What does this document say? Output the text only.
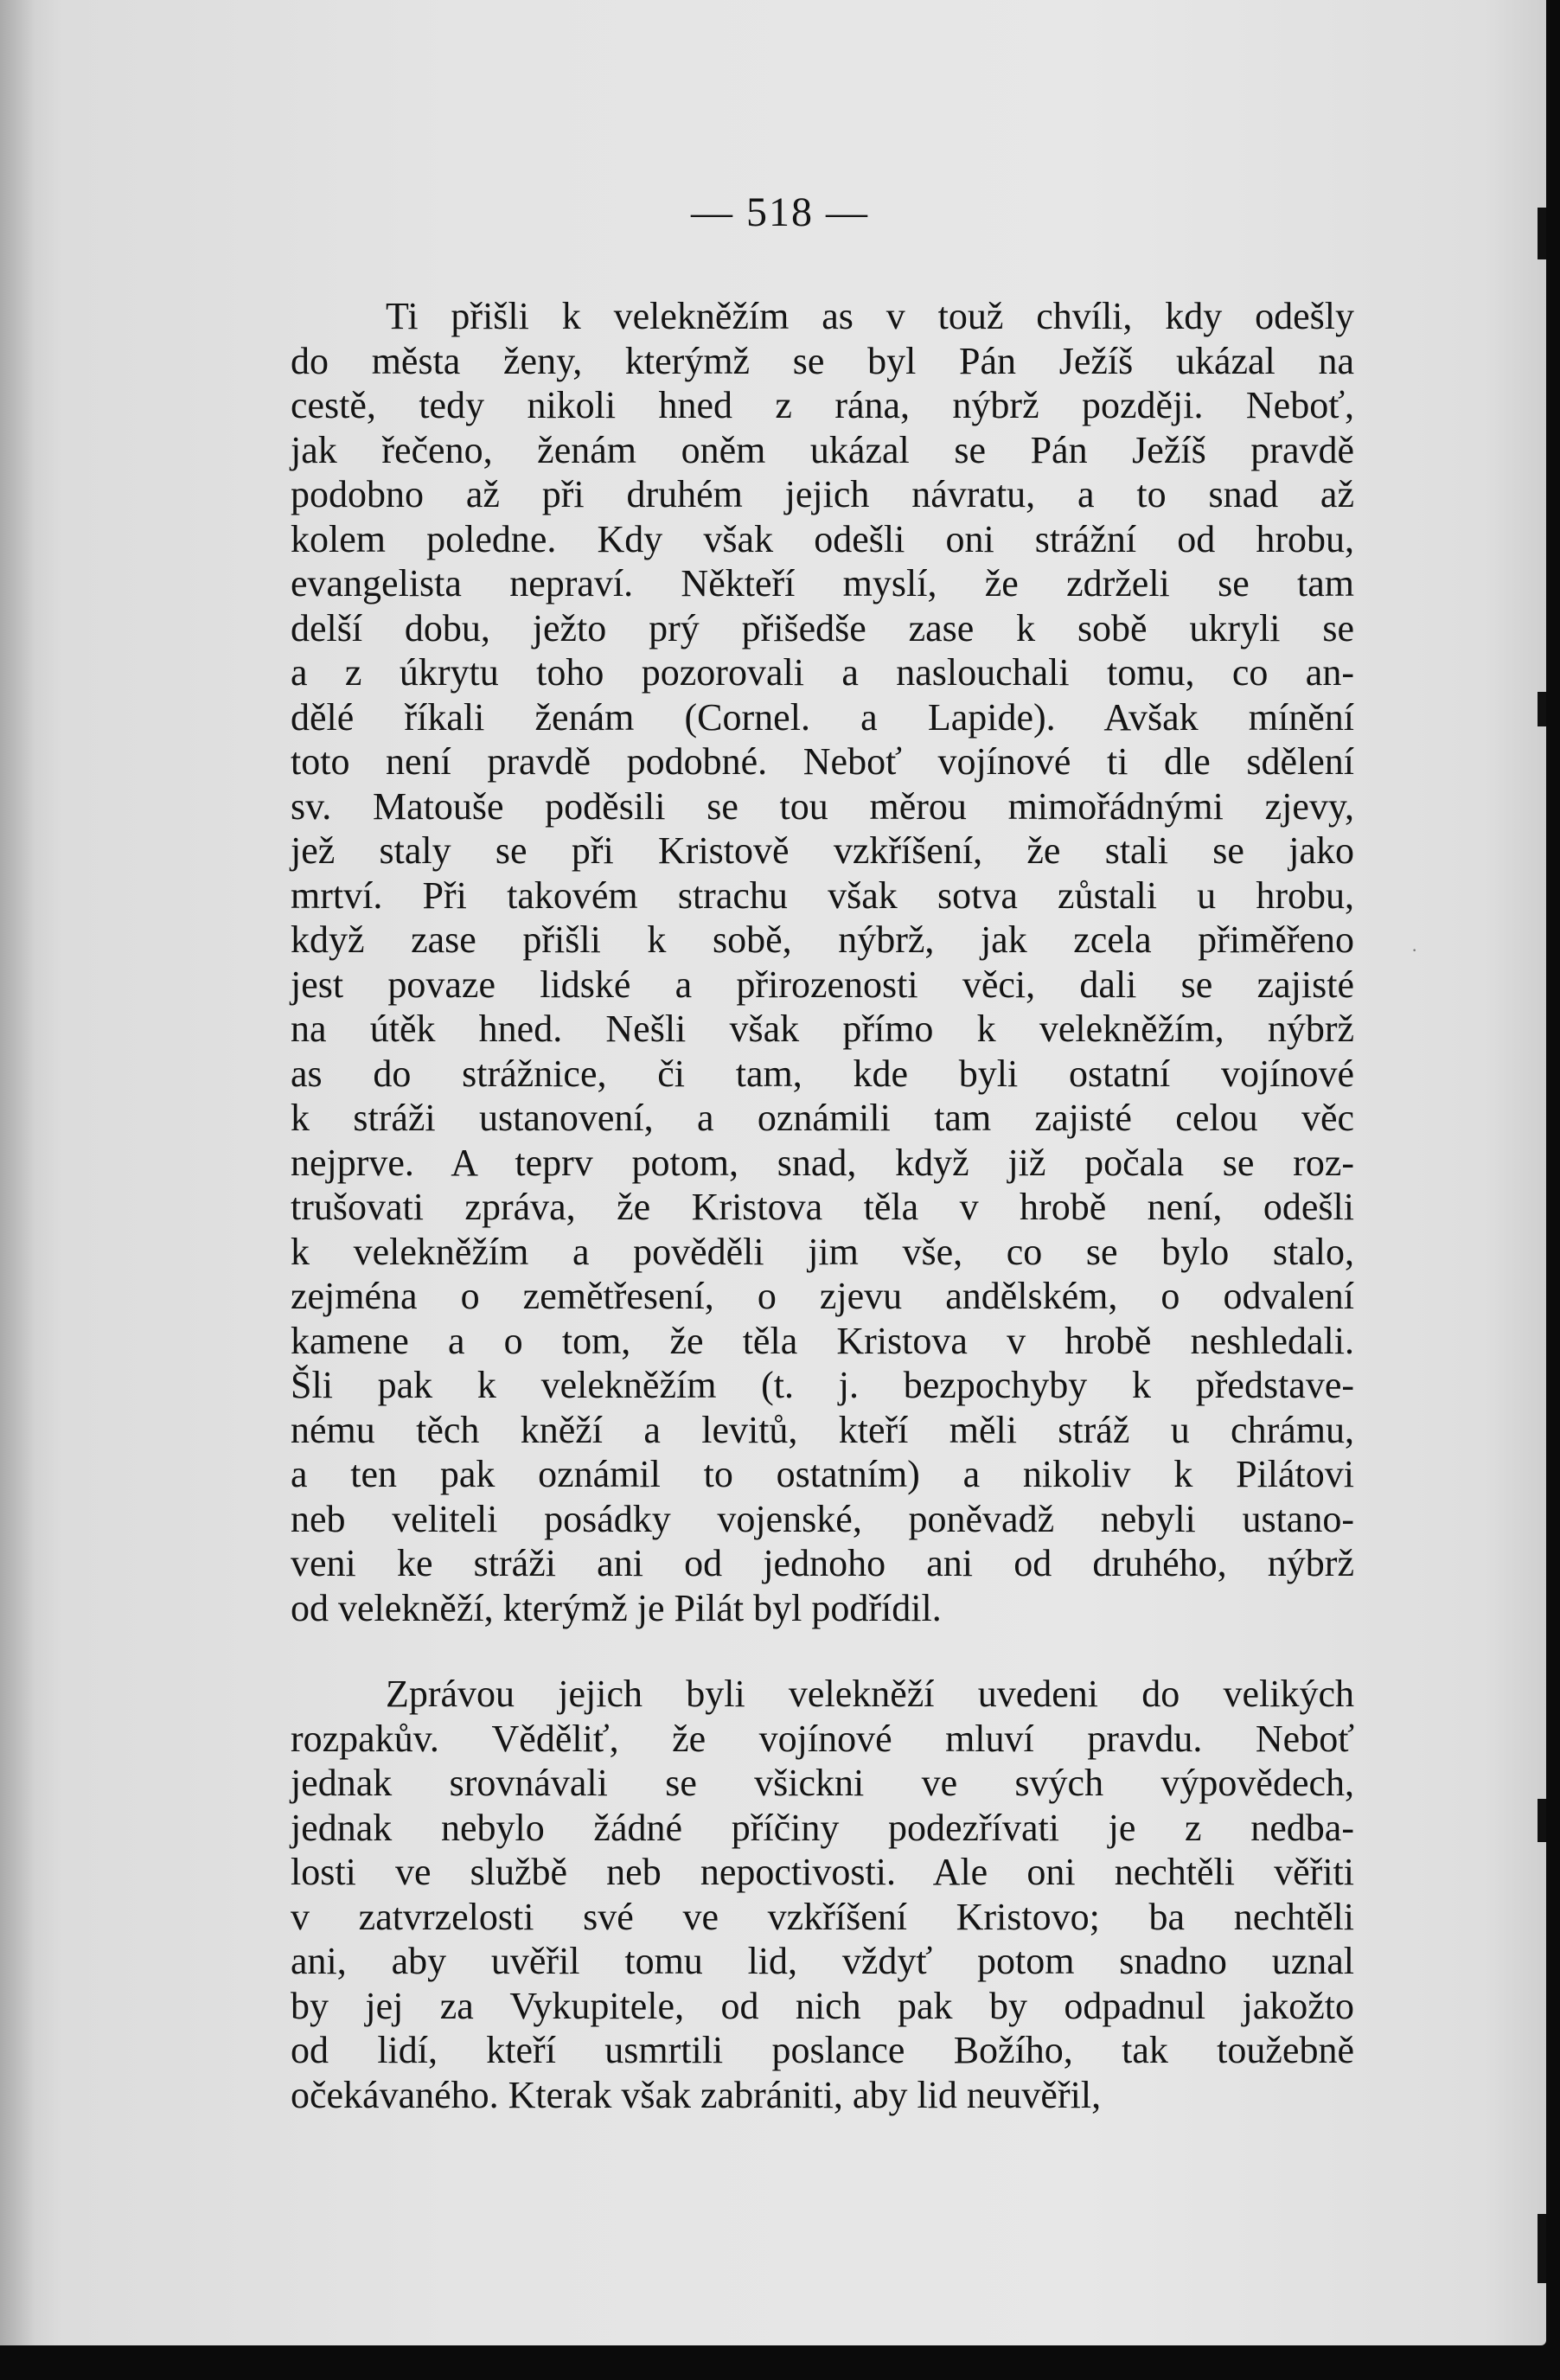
— 518 —
Ti přišli k velekněžím as v touž chvíli, kdy odešly
do města ženy, kterýmž se byl Pán Ježíš ukázal na
cestě, tedy nikoli hned z rána, nýbrž později. Neboť,
jak řečeno, ženám oněm ukázal se Pán Ježíš pravdě
podobno až při druhém jejich návratu, a to snad až
kolem poledne. Kdy však odešli oni strážní od hrobu,
evangelista nepraví. Někteří myslí, že zdrželi se tam
delší dobu, ježto prý přišedše zase k sobě ukryli se
a z úkrytu toho pozorovali a naslouchali tomu, co an-
dělé říkali ženám (Cornel. a Lapide). Avšak mínění
toto není pravdě podobné. Neboť vojínové ti dle sdělení
sv. Matouše poděsili se tou měrou mimořádnými zjevy,
jež staly se při Kristově vzkříšení, že stali se jako
mrtví. Při takovém strachu však sotva zůstali u hrobu,
když zase přišli k sobě, nýbrž, jak zcela přiměřeno
jest povaze lidské a přirozenosti věci, dali se zajisté
na útěk hned. Nešli však přímo k velekněžím, nýbrž
as do strážnice, či tam, kde byli ostatní vojínové
k stráži ustanovení, a oznámili tam zajisté celou věc
nejprve. A teprv potom, snad, když již počala se roz-
trušovati zpráva, že Kristova těla v hrobě není, odešli
k velekněžím a pověděli jim vše, co se bylo stalo,
zejména o zemětřesení, o zjevu andělském, o odvalení
kamene a o tom, že těla Kristova v hrobě neshledali.
Šli pak k velekněžím (t. j. bezpochyby k představe-
nému těch kněží a levitů, kteří měli stráž u chrámu,
a ten pak oznámil to ostatním) a nikoliv k Pilátovi
neb veliteli posádky vojenské, poněvadž nebyli ustano-
veni ke stráži ani od jednoho ani od druhého, nýbrž
od velekněží, kterýmž je Pilát byl podřídil.
Zprávou jejich byli velekněží uvedeni do velikých
rozpakův. Věděliť, že vojínové mluví pravdu. Neboť
jednak srovnávali se všickni ve svých výpovědech,
jednak nebylo žádné příčiny podezřívati je z nedba-
losti ve službě neb nepoctivosti. Ale oni nechtěli věřiti
v zatvrzelosti své ve vzkříšení Kristovo; ba nechtěli
ani, aby uvěřil tomu lid, vždyť potom snadno uznal
by jej za Vykupitele, od nich pak by odpadnul jakožto
od lidí, kteří usmrtili poslance Božího, tak toužebně
očekávaného. Kterak však zabrániti, aby lid neuvěřil,
·
